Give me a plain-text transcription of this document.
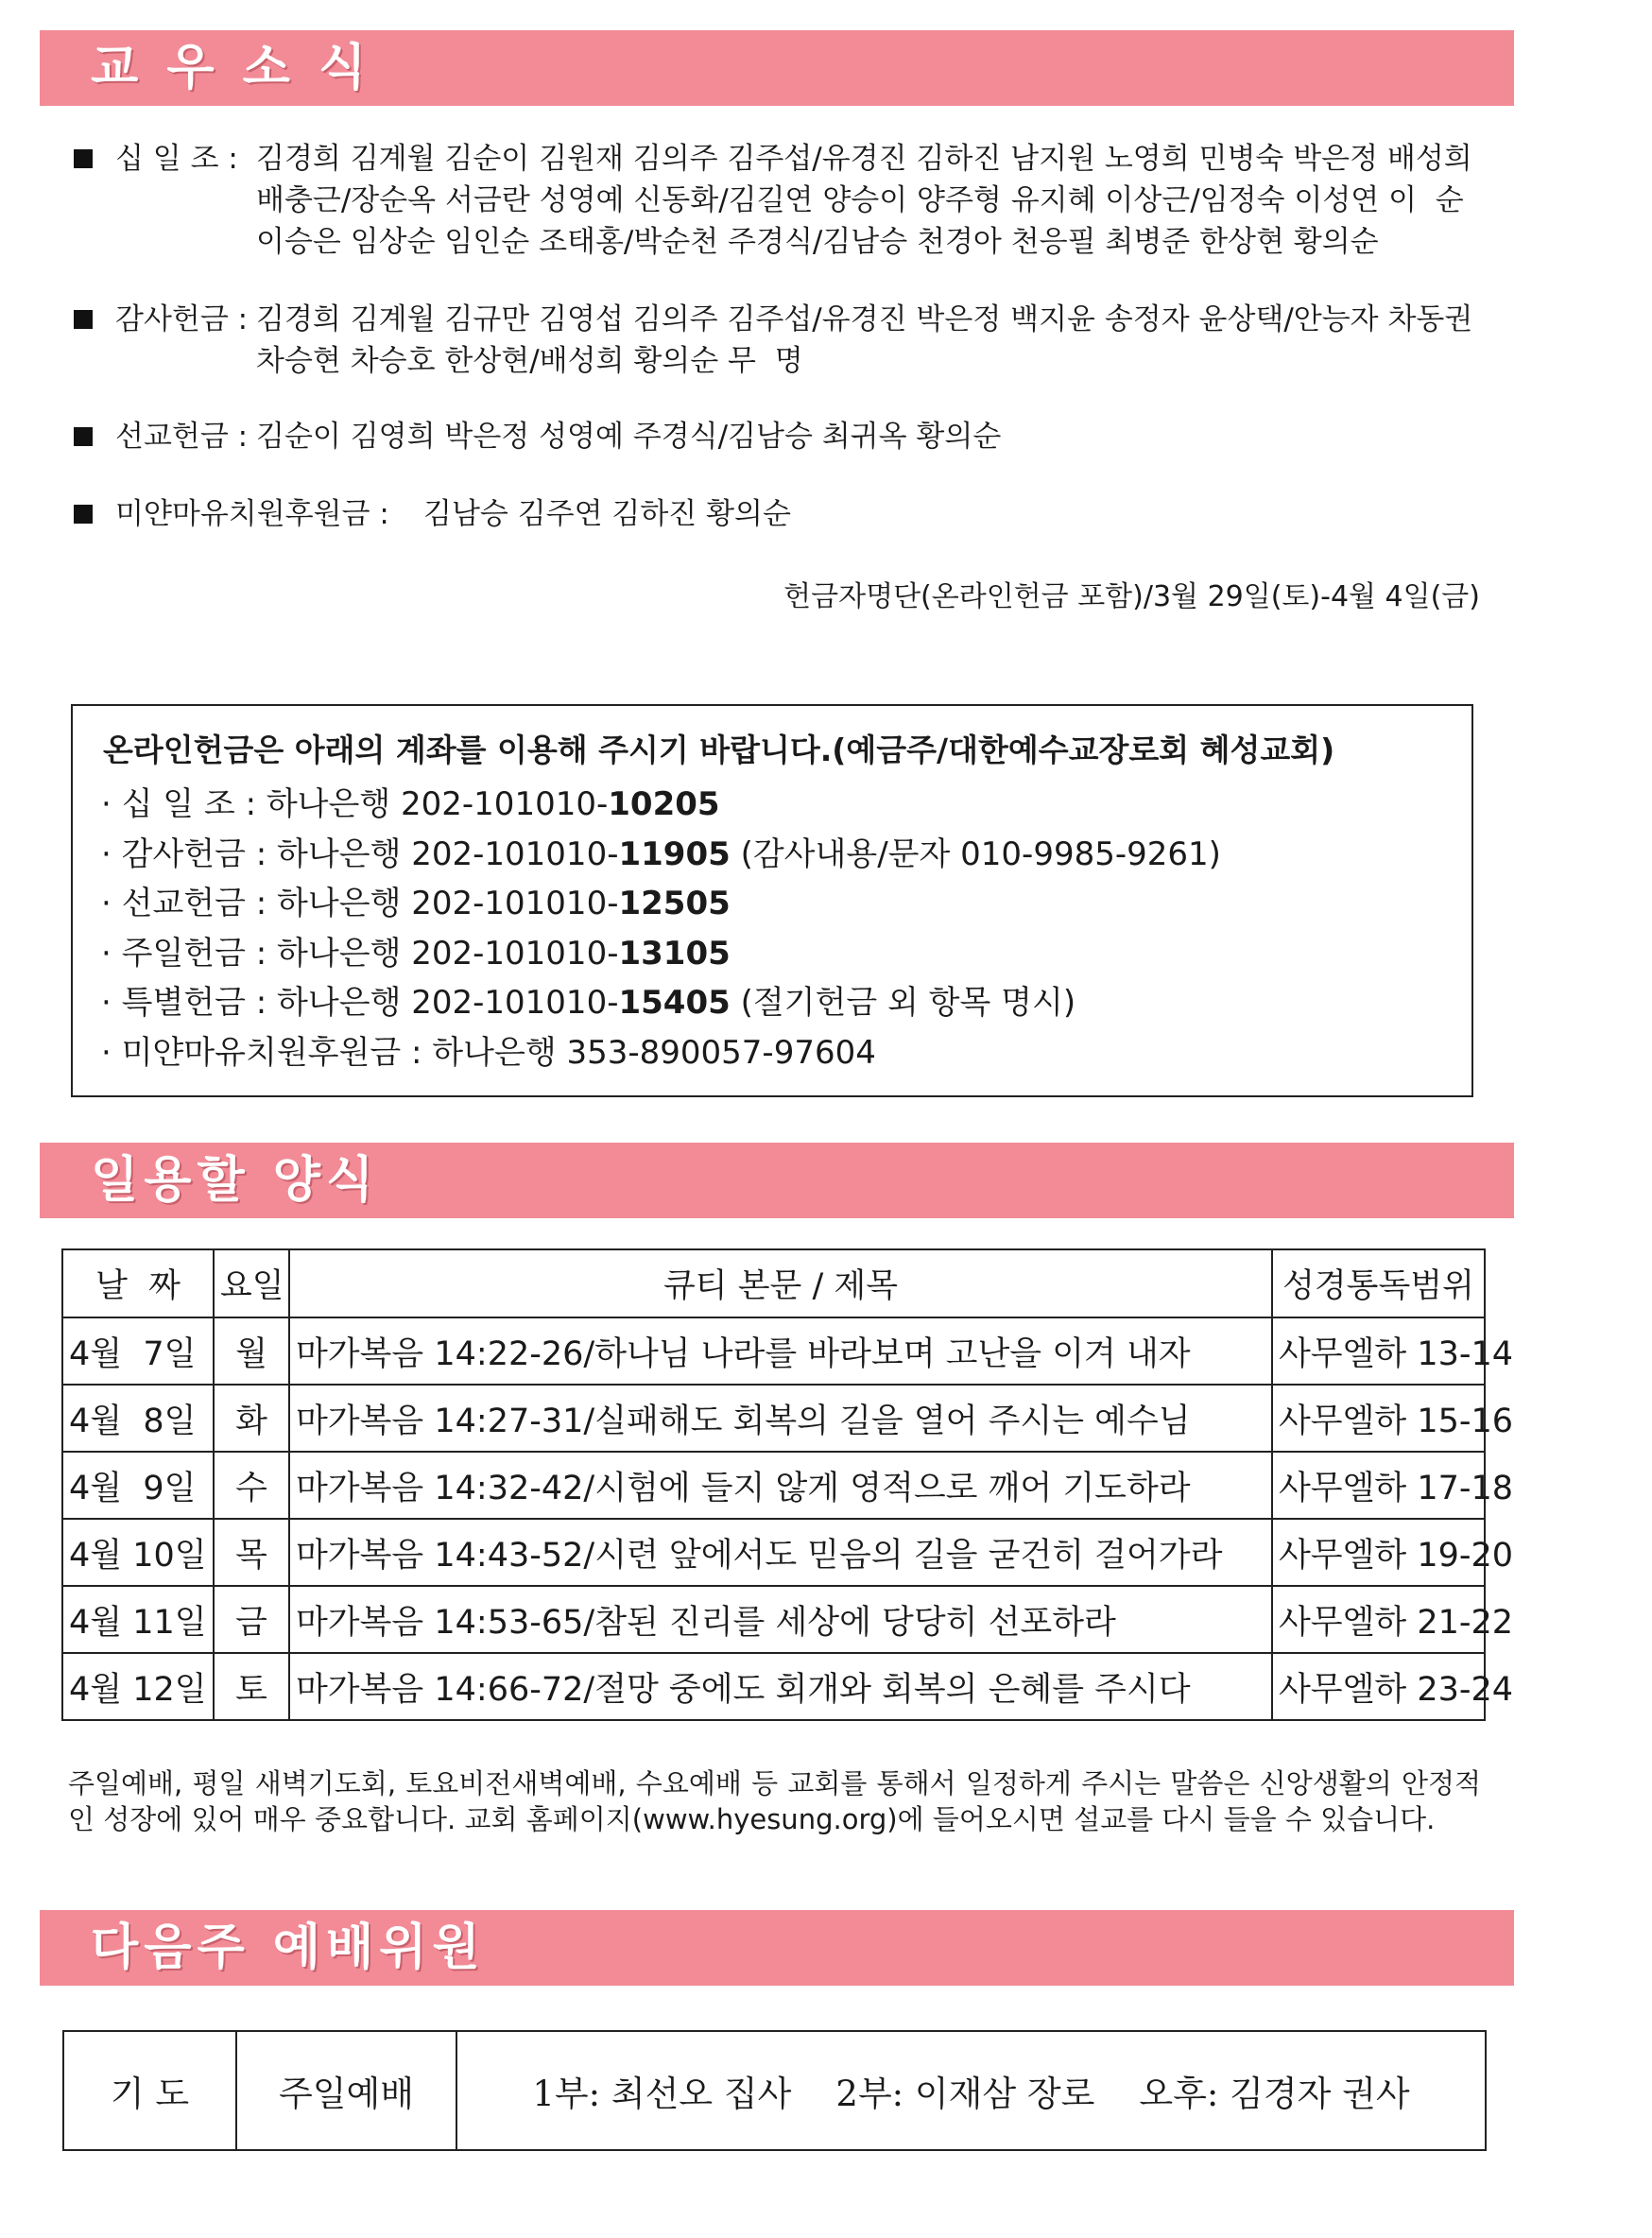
교 우 소 식
십 일 조 : 김경희 김계월 김순이 김원재 김의주 김주섭/유경진 김하진 남지원 노영희 민병숙 박은정 배성희
배충근/장순옥 서금란 성영예 신동화/김길연 양승이 양주형 유지혜 이상근/임정숙 이성연 이  순
이승은 임상순 임인순 조태홍/박순천 주경식/김남승 천경아 천응필 최병준 한상현 황의순
감사헌금 : 김경희 김계월 김규만 김영섭 김의주 김주섭/유경진 박은정 백지윤 송정자 윤상택/안능자 차동권
차승현 차승호 한상현/배성희 황의순 무  명
선교헌금 : 김순이 김영희 박은정 성영예 주경식/김남승 최귀옥 황의순
미얀마유치원후원금 : 김남승 김주연 김하진 황의순
헌금자명단(온라인헌금 포함)/3월 29일(토)-4월 4일(금)
온라인헌금은 아래의 계좌를 이용해 주시기 바랍니다.(예금주/대한예수교장로회 혜성교회)
· 십 일 조 : 하나은행 202-101010-10205
· 감사헌금 : 하나은행 202-101010-11905 (감사내용/문자 010-9985-9261)
· 선교헌금 : 하나은행 202-101010-12505
· 주일헌금 : 하나은행 202-101010-13105
· 특별헌금 : 하나은행 202-101010-15405 (절기헌금 외 항목 명시)
· 미얀마유치원후원금 : 하나은행 353-890057-97604
일용할 양식
날  짜	요일	큐티 본문 / 제목	성경통독범위
4월  7일	월	마가복음 14:22-26/하나님 나라를 바라보며 고난을 이겨 내자	사무엘하 13-14
4월  8일	화	마가복음 14:27-31/실패해도 회복의 길을 열어 주시는 예수님	사무엘하 15-16
4월  9일	수	마가복음 14:32-42/시험에 들지 않게 영적으로 깨어 기도하라	사무엘하 17-18
4월 10일	목	마가복음 14:43-52/시련 앞에서도 믿음의 길을 굳건히 걸어가라	사무엘하 19-20
4월 11일	금	마가복음 14:53-65/참된 진리를 세상에 당당히 선포하라	사무엘하 21-22
4월 12일	토	마가복음 14:66-72/절망 중에도 회개와 회복의 은혜를 주시다	사무엘하 23-24
주일예배, 평일 새벽기도회, 토요비전새벽예배, 수요예배 등 교회를 통해서 일정하게 주시는 말씀은 신앙생활의 안정적인 성장에 있어 매우 중요합니다. 교회 홈페이지(www.hyesung.org)에 들어오시면 설교를 다시 들을 수 있습니다.
다음주 예배위원
기 도	주일예배	1부: 최선오 집사    2부: 이재삼 장로    오후: 김경자 권사
